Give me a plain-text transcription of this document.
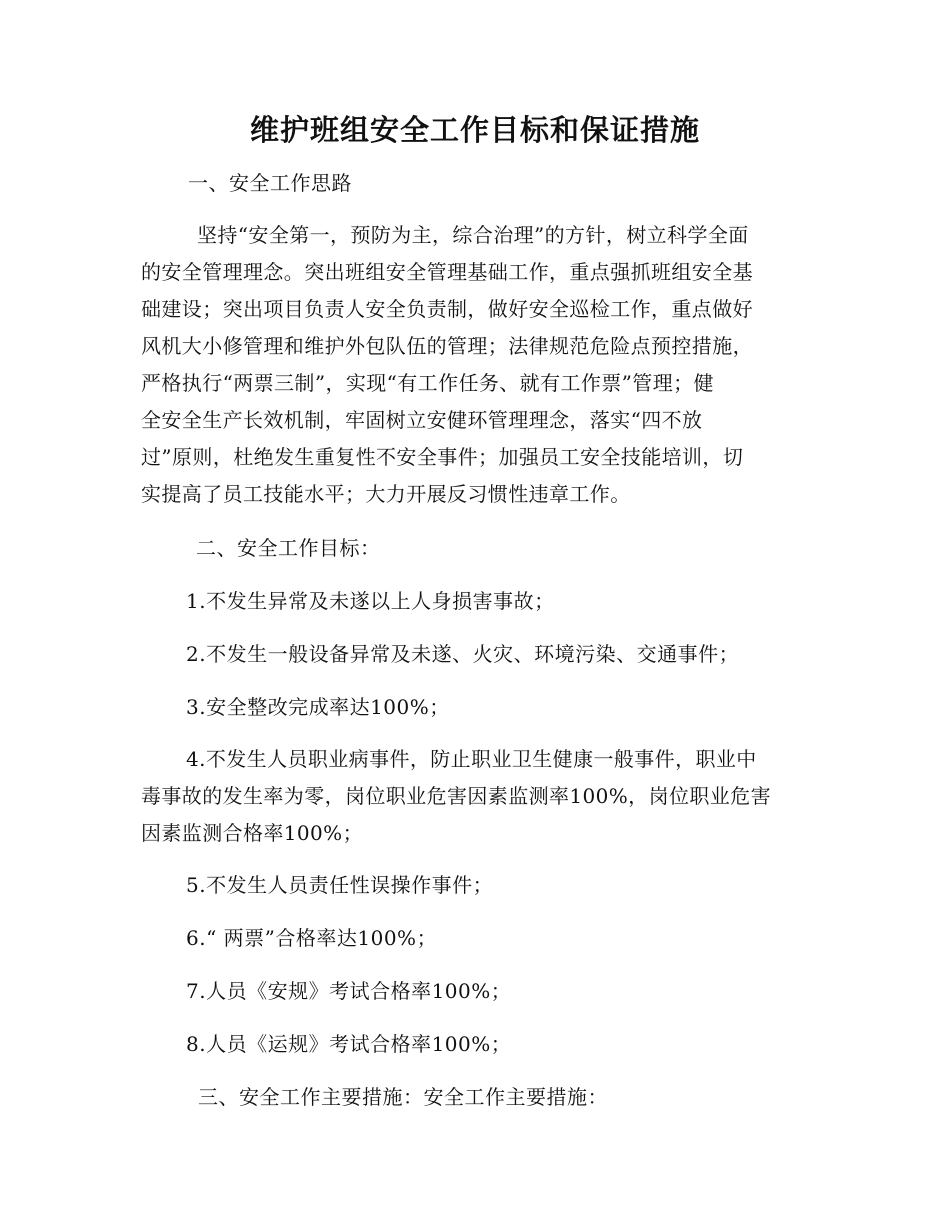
维护班组安全工作目标和保证措施
一、安全工作思路
坚持“安全第一，预防为主，综合治理”的方针，树立科学全面
的安全管理理念。突出班组安全管理基础工作，重点强抓班组安全基
础建设；突出项目负责人安全负责制，做好安全巡检工作，重点做好
风机大小修管理和维护外包队伍的管理；法律规范危险点预控措施，
严格执行“两票三制”，实现“有工作任务、就有工作票”管理；健
全安全生产长效机制，牢固树立安健环管理理念，落实“四不放
过”原则，杜绝发生重复性不安全事件；加强员工安全技能培训，切
实提高了员工技能水平；大力开展反习惯性违章工作。
二、安全工作目标：
1.不发生异常及未遂以上人身损害事故；
2.不发生一般设备异常及未遂、火灾、环境污染、交通事件；
3.安全整改完成率达100%；
4.不发生人员职业病事件，防止职业卫生健康一般事件，职业中
毒事故的发生率为零，岗位职业危害因素监测率100%，岗位职业危害
因素监测合格率100%；
5.不发生人员责任性误操作事件；
6.“ 两票”合格率达100%；
7.人员《安规》考试合格率100%；
8.人员《运规》考试合格率100%；
三、安全工作主要措施：安全工作主要措施：
